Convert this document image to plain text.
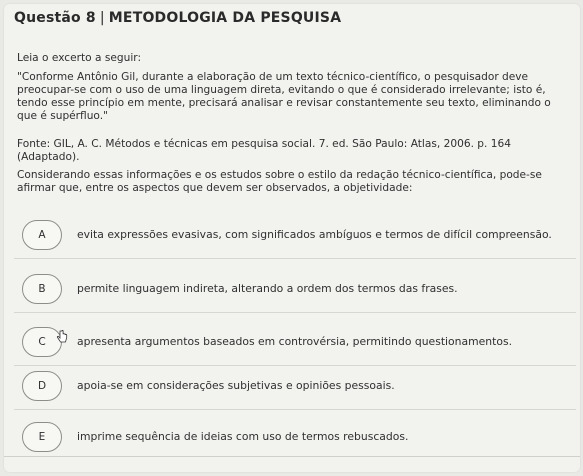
Questão 8 | METODOLOGIA DA PESQUISA
Leia o excerto a seguir:
"Conforme Antônio Gil, durante a elaboração de um texto técnico-científico, o pesquisador deve preocupar-se com o uso de uma linguagem direta, evitando o que é considerado irrelevante; isto é, tendo esse princípio em mente, precisará analisar e revisar constantemente seu texto, eliminando o que é supérfluo."
Fonte: GIL, A. C. Métodos e técnicas em pesquisa social. 7. ed. São Paulo: Atlas, 2006. p. 164
(Adaptado).
Considerando essas informações e os estudos sobre o estilo da redação técnico-científica, pode-se afirmar que, entre os aspectos que devem ser observados, a objetividade:
A	evita expressões evasivas, com significados ambíguos e termos de difícil compreensão.
B	permite linguagem indireta, alterando a ordem dos termos das frases.
C	apresenta argumentos baseados em controvérsia, permitindo questionamentos.
D	apoia-se em considerações subjetivas e opiniões pessoais.
E	imprime sequência de ideias com uso de termos rebuscados.
